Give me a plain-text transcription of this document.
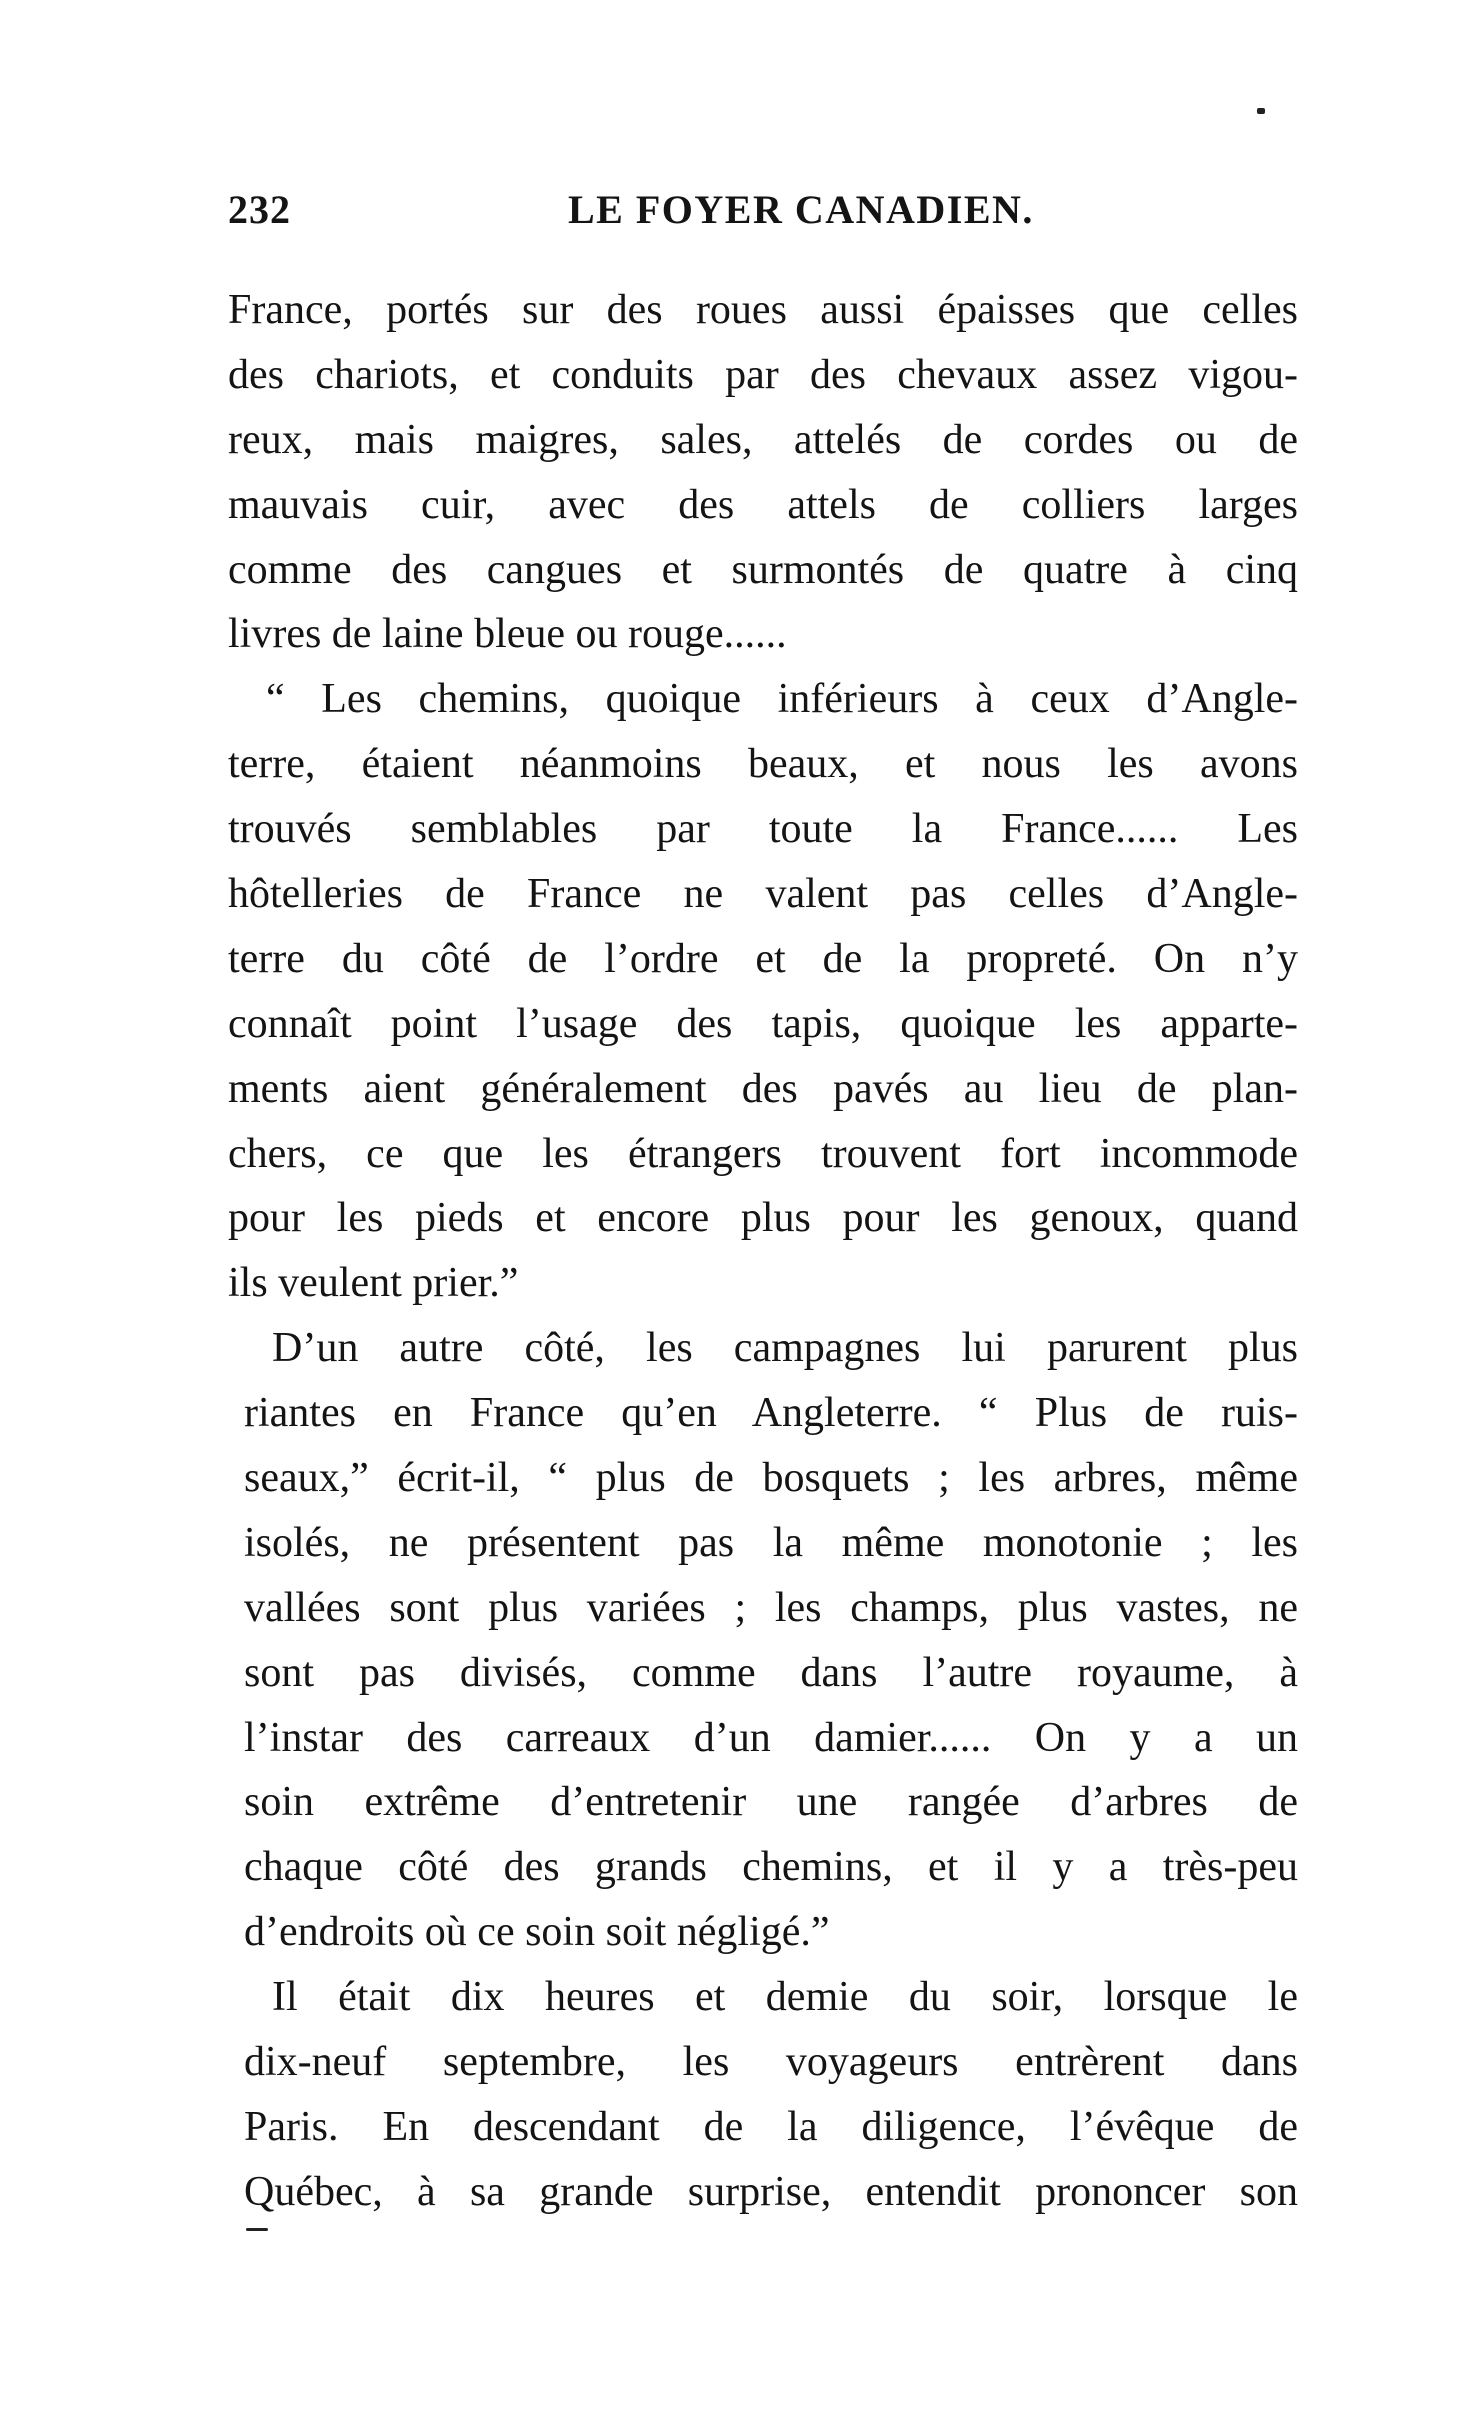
232	LE FOYER CANADIEN.
France, portés sur des roues aussi épaisses que celles
des chariots, et conduits par des chevaux assez vigou-
reux, mais maigres, sales, attelés de cordes ou de
mauvais cuir, avec des attels de colliers larges
comme des cangues et surmontés de quatre à cinq
livres de laine bleue ou rouge......
“ Les chemins, quoique inférieurs à ceux d’Angle-
terre, étaient néanmoins beaux, et nous les avons
trouvés semblables par toute la France...... Les
hôtelleries de France ne valent pas celles d’Angle-
terre du côté de l’ordre et de la propreté. On n’y
connaît point l’usage des tapis, quoique les apparte-
ments aient généralement des pavés au lieu de plan-
chers, ce que les étrangers trouvent fort incommode
pour les pieds et encore plus pour les genoux, quand
ils veulent prier.”
D’un autre côté, les campagnes lui parurent plus
riantes en France qu’en Angleterre. “ Plus de ruis-
seaux,” écrit-il, “ plus de bosquets ; les arbres, même
isolés, ne présentent pas la même monotonie ; les
vallées sont plus variées ; les champs, plus vastes, ne
sont pas divisés, comme dans l’autre royaume, à
l’instar des carreaux d’un damier...... On y a un
soin extrême d’entretenir une rangée d’arbres de
chaque côté des grands chemins, et il y a très-peu
d’endroits où ce soin soit négligé.”
Il était dix heures et demie du soir, lorsque le
dix-neuf septembre, les voyageurs entrèrent dans
Paris. En descendant de la diligence, l’évêque de
Québec, à sa grande surprise, entendit prononcer son
